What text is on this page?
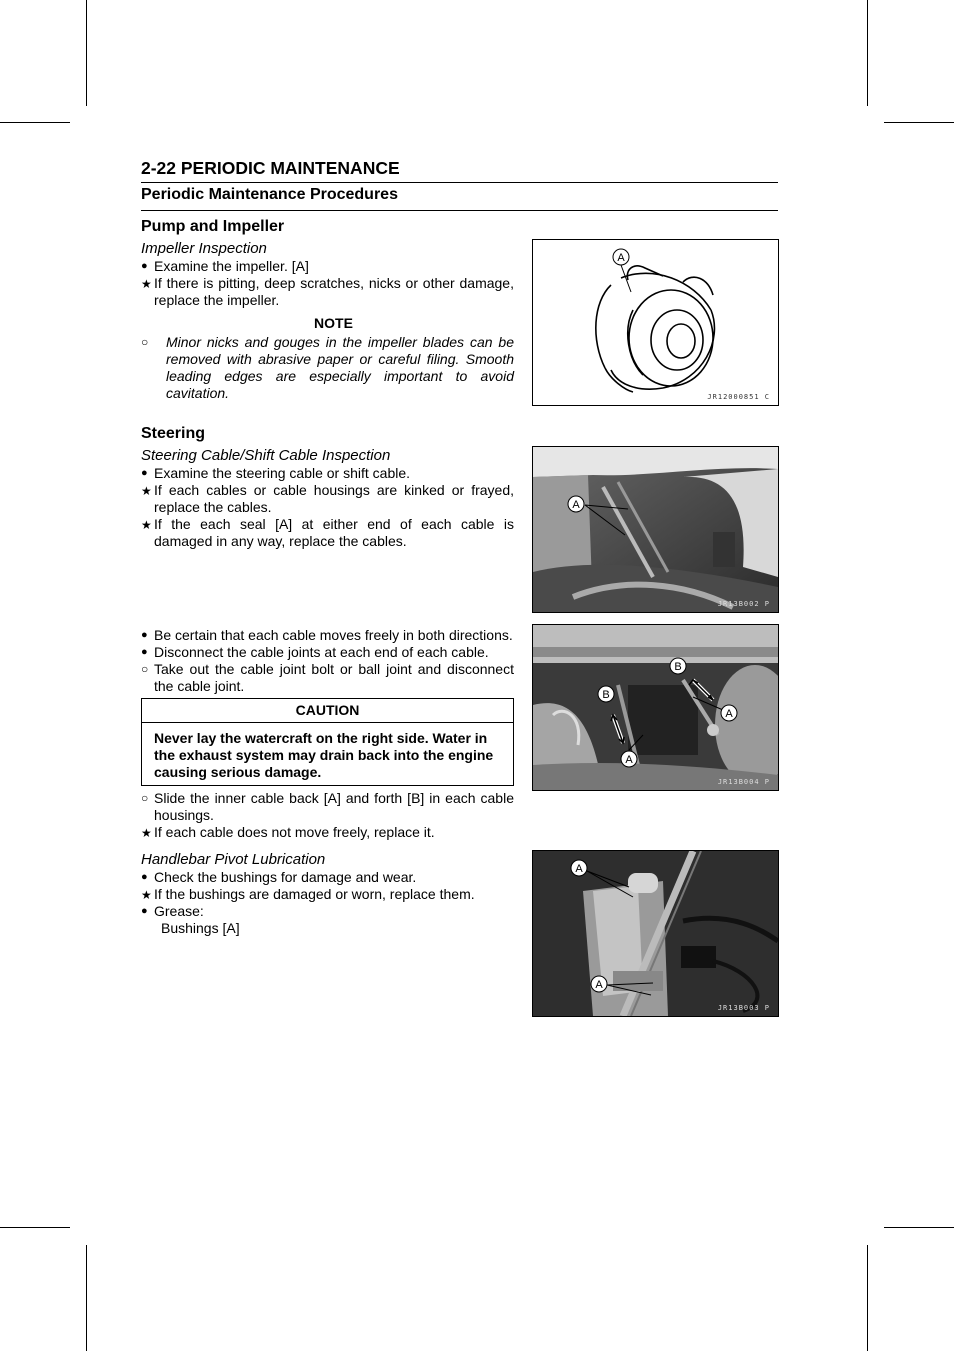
2-22 PERIODIC MAINTENANCE
Periodic Maintenance Procedures
Pump and Impeller
Impeller Inspection
● Examine the impeller. [A]
★ If there is pitting, deep scratches, nicks or other damage, replace the impeller.
NOTE
○ Minor nicks and gouges in the impeller blades can be removed with abrasive paper or careful filing. Smooth leading edges are especially important to avoid cavitation.
A
JR12000851 C
Steering
Steering Cable/Shift Cable Inspection
● Examine the steering cable or shift cable.
★ If each cables or cable housings are kinked or frayed, replace the cables.
★ If the each seal [A] at either end of each cable is damaged in any way, replace the cables.
A
JR13B002 P
● Be certain that each cable moves freely in both directions.
● Disconnect the cable joints at each end of each cable.
○ Take out the cable joint bolt or ball joint and disconnect the cable joint.
CAUTION
Never lay the watercraft on the right side. Water in the exhaust system may drain back into the engine causing serious damage.
○ Slide the inner cable back [A] and forth [B] in each cable housings.
★ If each cable does not move freely, replace it.
B
A
B
A
JR13B004 P
Handlebar Pivot Lubrication
● Check the bushings for damage and wear.
★ If the bushings are damaged or worn, replace them.
● Grease:
Bushings [A]
A
A
JR13B003 P
